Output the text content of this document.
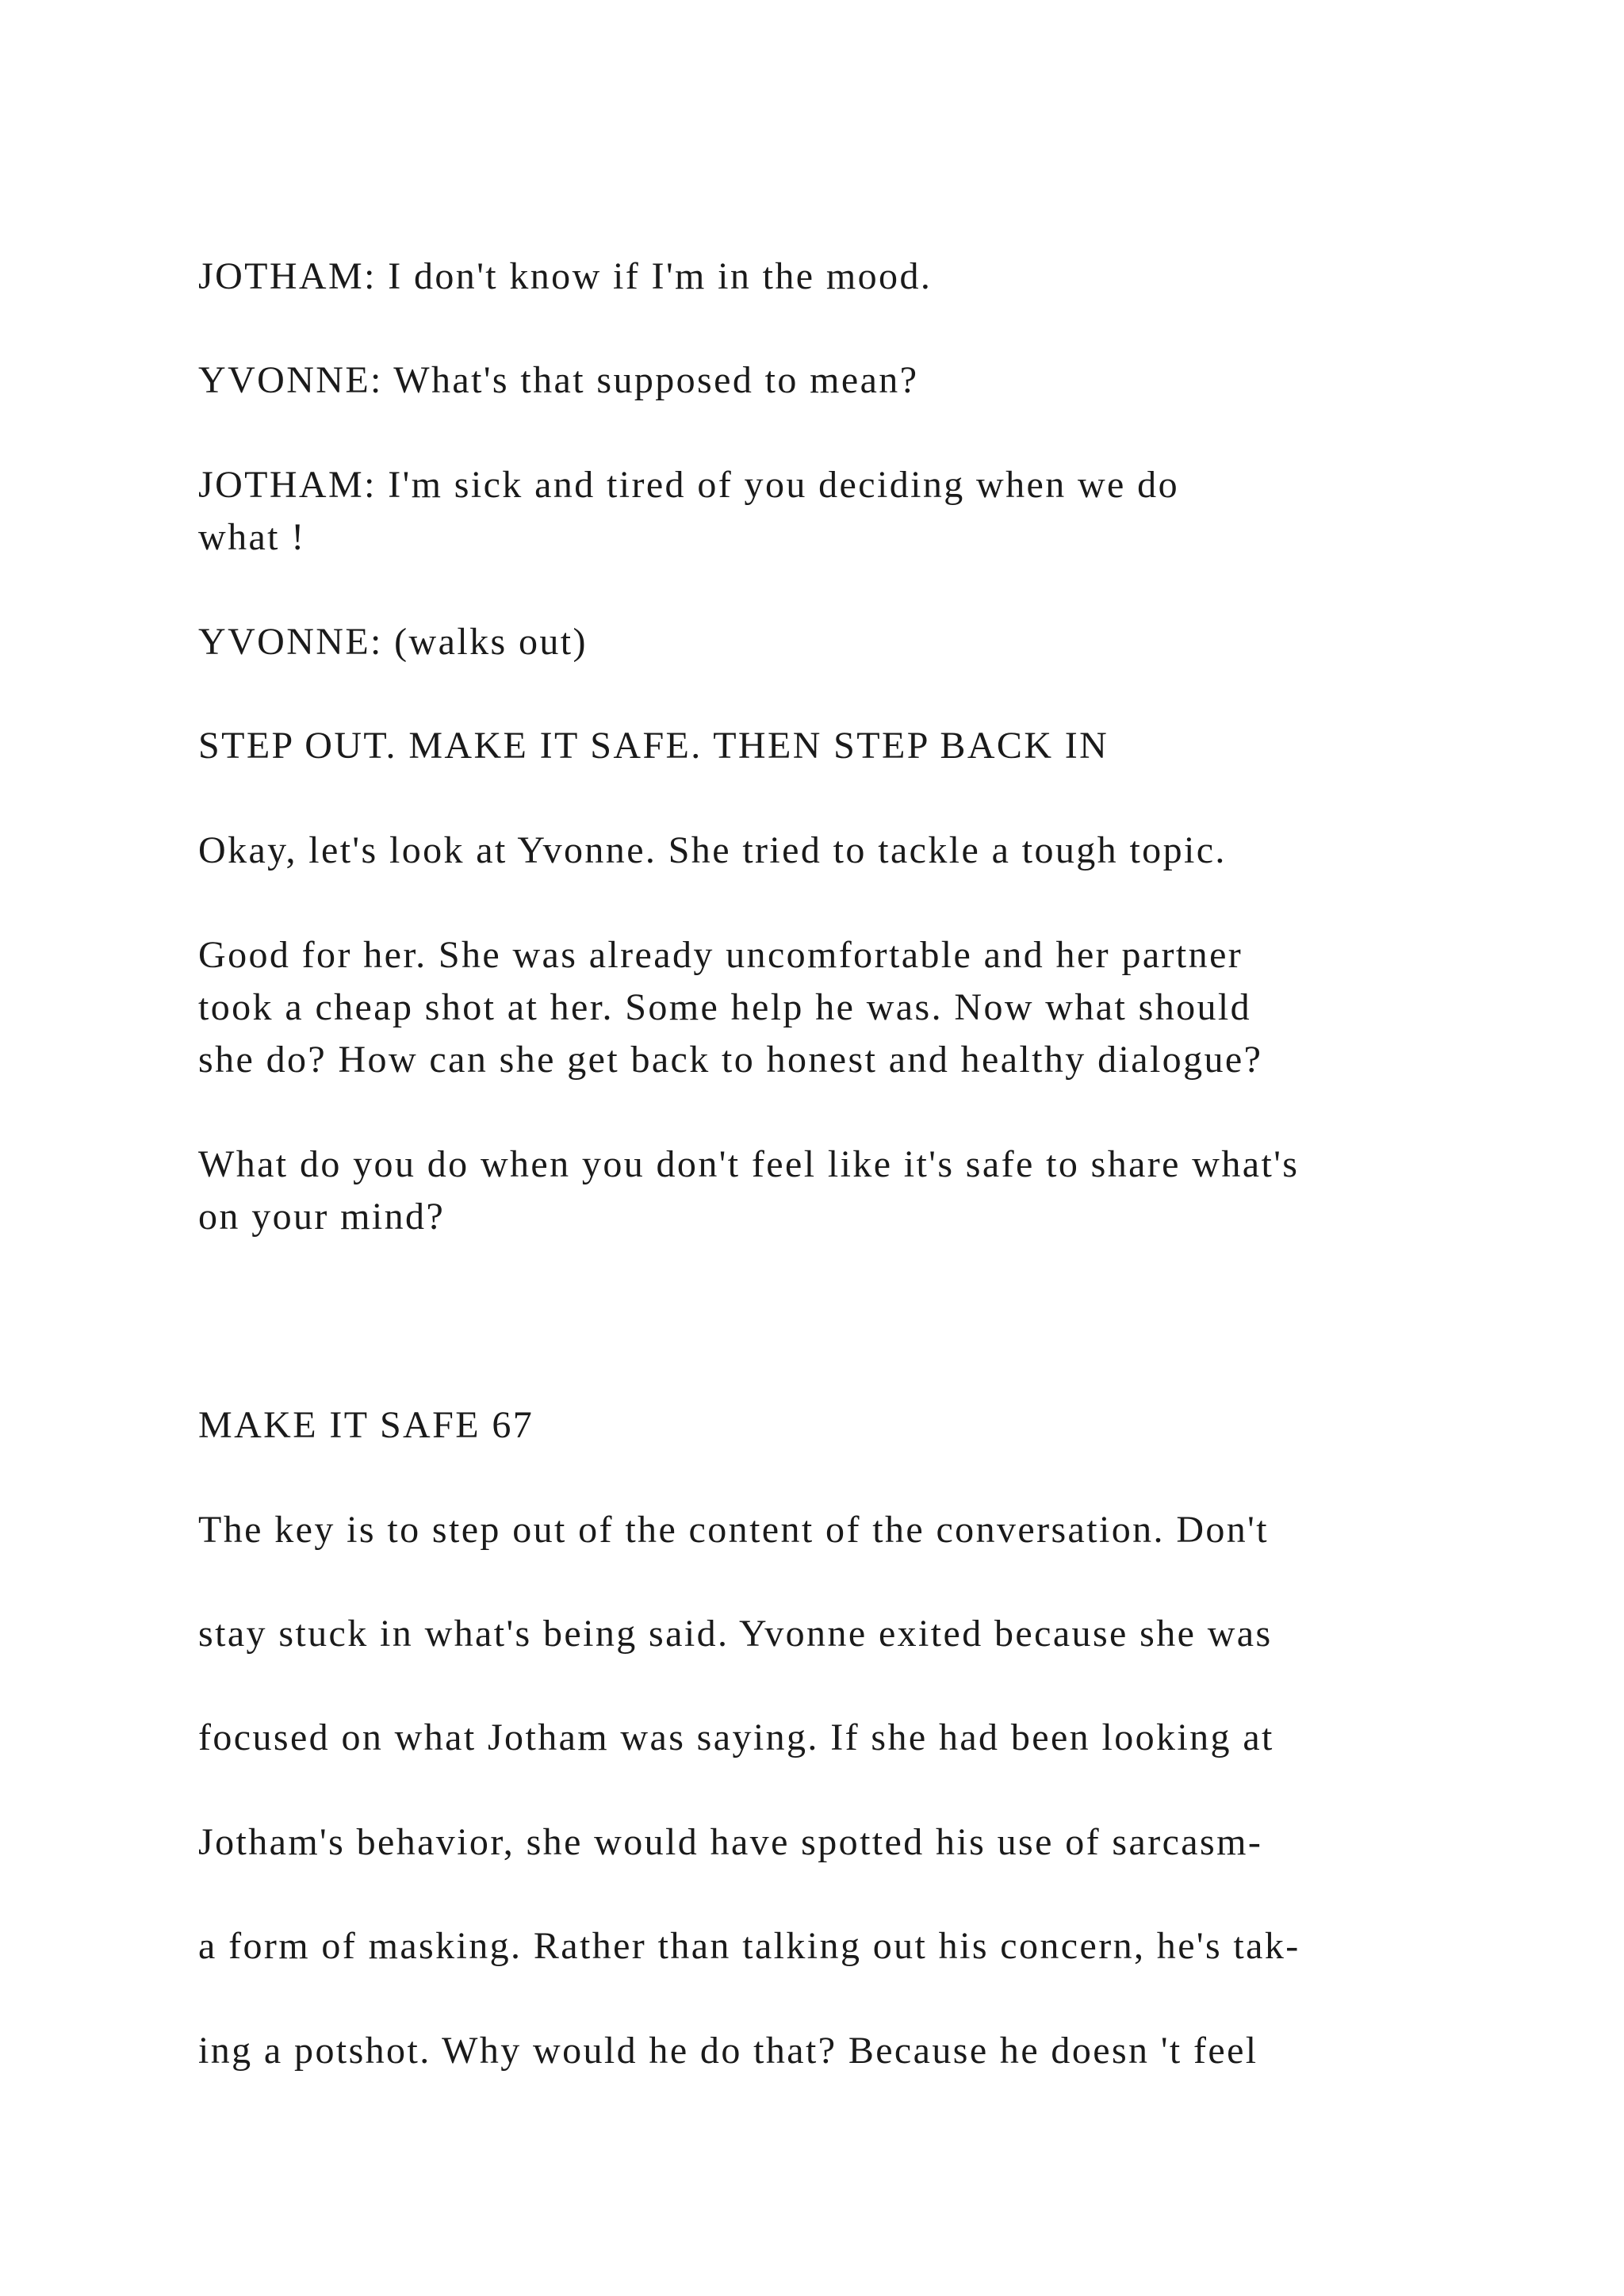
JOTHAM: I don't know if I'm in the mood.
YVONNE: What's that supposed to mean?
JOTHAM: I'm sick and tired of you deciding when we do
what !
YVONNE: (walks out)
STEP OUT. MAKE IT SAFE. THEN STEP BACK IN
Okay, let's look at Yvonne. She tried to tackle a tough topic.
Good for her. She was already uncomfortable and her partner
took a cheap shot at her. Some help he was. Now what should
she do? How can she get back to honest and healthy dialogue?
What do you do when you don't feel like it's safe to share what's
on your mind?
MAKE IT SAFE 67
The key is to step out of the content of the conversation. Don't
stay stuck in what's being said. Yvonne exited because she was
focused on what Jotham was saying. If she had been looking at
Jotham's behavior, she would have spotted his use of sarcasm-
a form of masking. Rather than talking out his concern, he's tak-
ing a potshot. Why would he do that? Because he doesn 't feel
